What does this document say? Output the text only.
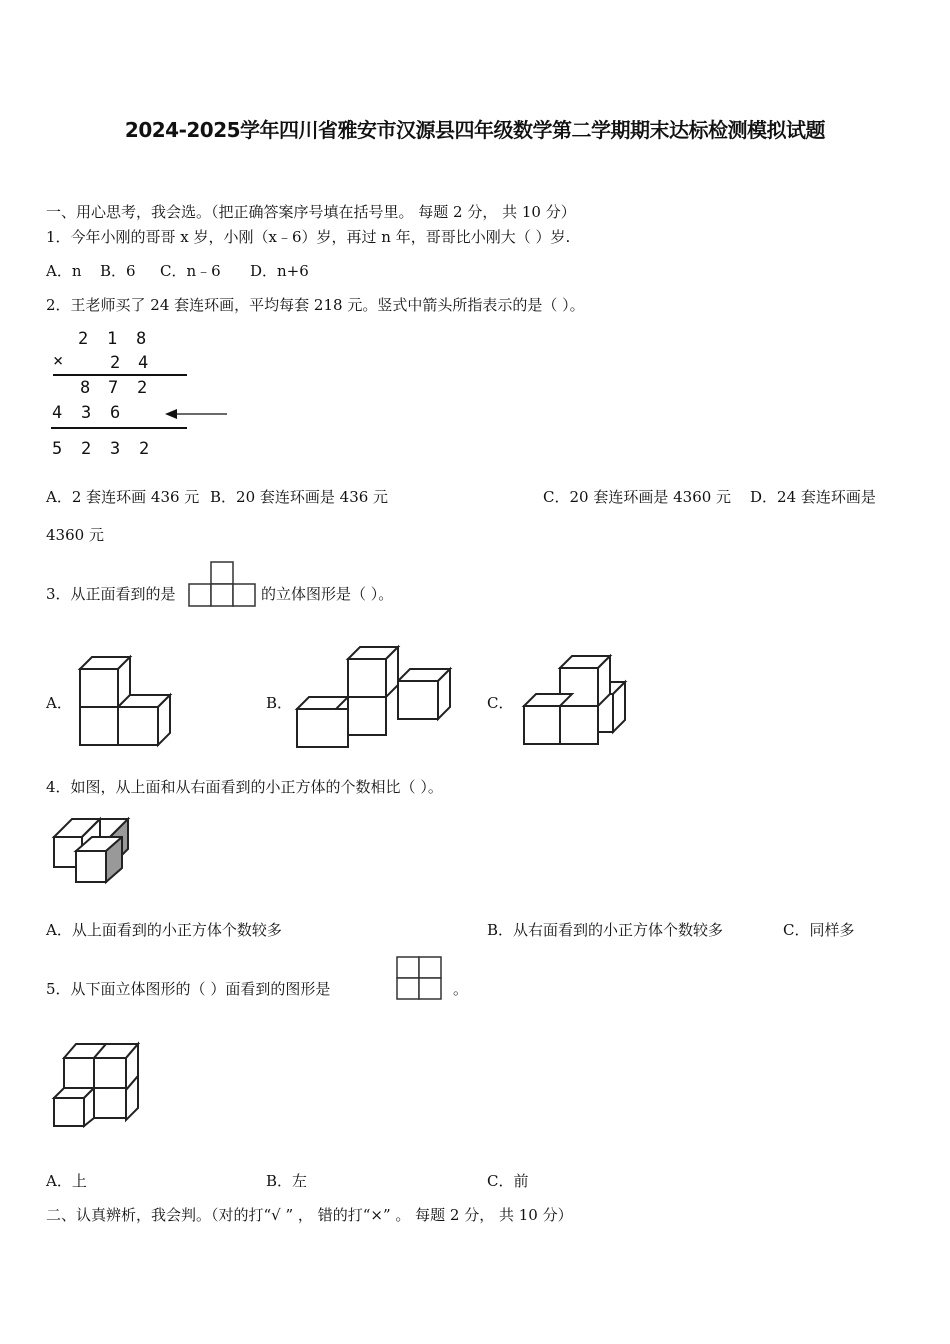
2024-2025学年四川省雅安市汉源县四年级数学第二学期期末达标检测模拟试题
一、用心思考，我会选。（把正确答案序号填在括号里。 每题 2 分， 共 10 分）
1．今年小刚的哥哥 x 岁，小刚（x﹣6）岁，再过 n 年，哥哥比小刚大（ ）岁.
A．n B．6 C．n﹣6 D．n+6
2．王老师买了 24 套连环画，平均每套 218 元。竖式中箭头所指表示的是（ ）。
2 1 8
×	2 4
8 7 2
4 3 6
5 2 3 2
A．2 套连环画 436 元 B．20 套连环画是 436 元	C．20 套连环画是 4360 元 D．24 套连环画是
4360 元
3．从正面看到的是	的立体图形是（ ）。
A．	B．	C．
4．如图，从上面和从右面看到的小正方体的个数相比（ ）。
A．从上面看到的小正方体个数较多	B．从右面看到的小正方体个数较多	C．同样多
5．从下面立体图形的（ ）面看到的图形是	。
A．上	B．左	C．前
二、认真辨析，我会判。（对的打“√ ” ， 错的打“×” 。 每题 2 分， 共 10 分）
